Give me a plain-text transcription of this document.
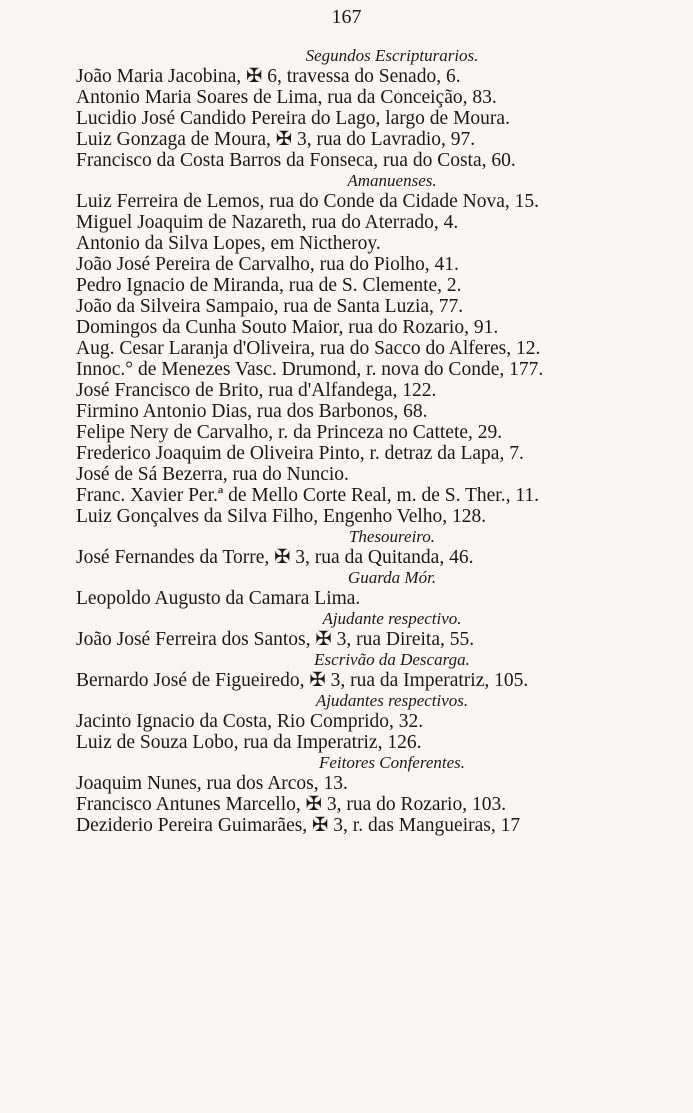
167
Segundos Escripturarios.
João Maria Jacobina, ✠ 6, travessa do Senado, 6.
Antonio Maria Soares de Lima, rua da Conceição, 83.
Lucidio José Candido Pereira do Lago, largo de Moura.
Luiz Gonzaga de Moura, ✠ 3, rua do Lavradio, 97.
Francisco da Costa Barros da Fonseca, rua do Costa, 60.
Amanuenses.
Luiz Ferreira de Lemos, rua do Conde da Cidade Nova, 15.
Miguel Joaquim de Nazareth, rua do Aterrado, 4.
Antonio da Silva Lopes, em Nictheroy.
João José Pereira de Carvalho, rua do Piolho, 41.
Pedro Ignacio de Miranda, rua de S. Clemente, 2.
João da Silveira Sampaio, rua de Santa Luzia, 77.
Domingos da Cunha Souto Maior, rua do Rozario, 91.
Aug. Cesar Laranja d'Oliveira, rua do Sacco do Alferes, 12.
Innoc.° de Menezes Vasc. Drumond, r. nova do Conde, 177.
José Francisco de Brito, rua d'Alfandega, 122.
Firmino Antonio Dias, rua dos Barbonos, 68.
Felipe Nery de Carvalho, r. da Princeza no Cattete, 29.
Frederico Joaquim de Oliveira Pinto, r. detraz da Lapa, 7.
José de Sá Bezerra, rua do Nuncio.
Franc. Xavier Per.ª de Mello Corte Real, m. de S. Ther., 11.
Luiz Gonçalves da Silva Filho, Engenho Velho, 128.
Thesoureiro.
José Fernandes da Torre, ✠ 3, rua da Quitanda, 46.
Guarda Mór.
Leopoldo Augusto da Camara Lima.
Ajudante respectivo.
João José Ferreira dos Santos, ✠ 3, rua Direita, 55.
Escrivão da Descarga.
Bernardo José de Figueiredo, ✠ 3, rua da Imperatriz, 105.
Ajudantes respectivos.
Jacinto Ignacio da Costa, Rio Comprido, 32.
Luiz de Souza Lobo, rua da Imperatriz, 126.
Feitores Conferentes.
Joaquim Nunes, rua dos Arcos, 13.
Francisco Antunes Marcello, ✠ 3, rua do Rozario, 103.
Deziderio Pereira Guimarães, ✠ 3, r. das Mangueiras, 17
